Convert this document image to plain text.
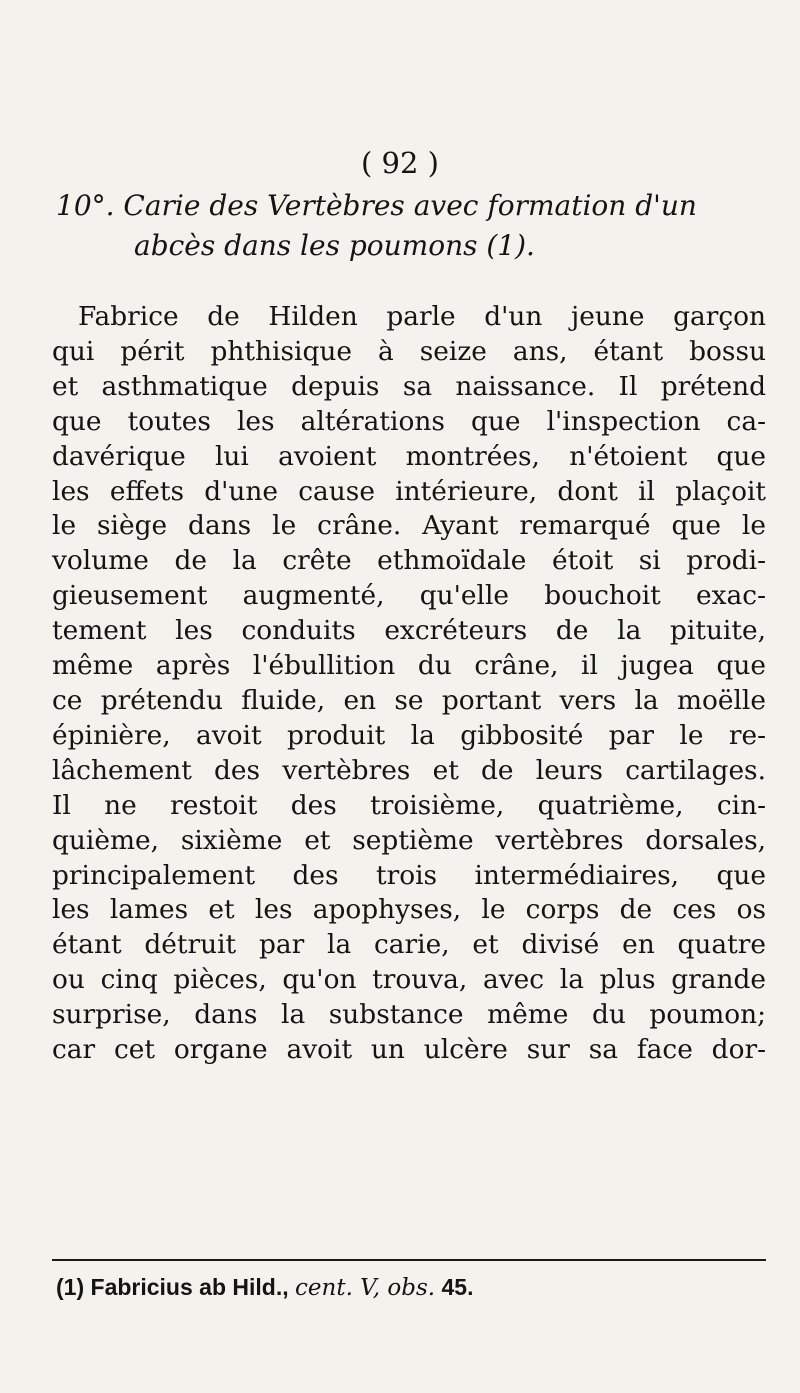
( 92 )
10°. Carie des Vertèbres avec formation d'un
abcès dans les poumons (1).
Fabrice de Hilden parle d'un jeune garçon
qui périt phthisique à seize ans, étant bossu
et asthmatique depuis sa naissance. Il prétend
que toutes les altérations que l'inspection ca-
davérique lui avoient montrées, n'étoient que
les effets d'une cause intérieure, dont il plaçoit
le siège dans le crâne. Ayant remarqué que le
volume de la crête ethmoïdale étoit si prodi-
gieusement augmenté, qu'elle bouchoit exac-
tement les conduits excréteurs de la pituite,
même après l'ébullition du crâne, il jugea que
ce prétendu fluide, en se portant vers la moëlle
épinière, avoit produit la gibbosité par le re-
lâchement des vertèbres et de leurs cartilages.
Il ne restoit des troisième, quatrième, cin-
quième, sixième et septième vertèbres dorsales,
principalement des trois intermédiaires, que
les lames et les apophyses, le corps de ces os
étant détruit par la carie, et divisé en quatre
ou cinq pièces, qu'on trouva, avec la plus grande
surprise, dans la substance même du poumon;
car cet organe avoit un ulcère sur sa face dor-
(1) Fabricius ab Hild., cent. V, obs. 45.
